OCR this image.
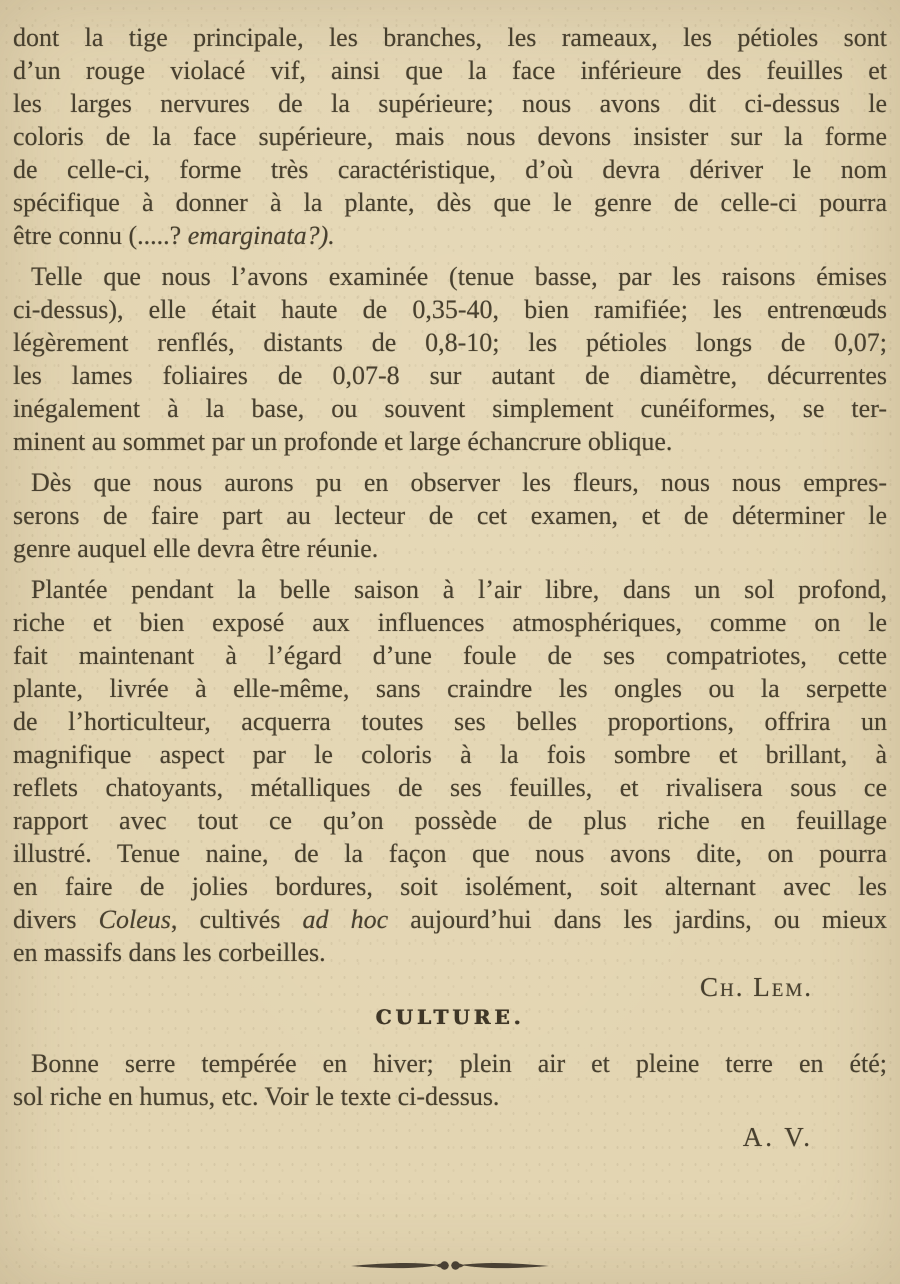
dont la tige principale, les branches, les rameaux, les pétioles sont
d’un rouge violacé vif, ainsi que la face inférieure des feuilles et
les larges nervures de la supérieure; nous avons dit ci-dessus le
coloris de la face supérieure, mais nous devons insister sur la forme
de celle-ci, forme très caractéristique, d’où devra dériver le nom
spécifique à donner à la plante, dès que le genre de celle-ci pourra
être connu (.....? emarginata?).
Telle que nous l’avons examinée (tenue basse, par les raisons émises
ci-dessus), elle était haute de 0,35-40, bien ramifiée; les entrenœuds
légèrement renflés, distants de 0,8-10; les pétioles longs de 0,07;
les lames foliaires de 0,07-8 sur autant de diamètre, décurrentes
inégalement à la base, ou souvent simplement cunéiformes, se ter-
minent au sommet par un profonde et large échancrure oblique.
Dès que nous aurons pu en observer les fleurs, nous nous empres-
serons de faire part au lecteur de cet examen, et de déterminer le
genre auquel elle devra être réunie.
Plantée pendant la belle saison à l’air libre, dans un sol profond,
riche et bien exposé aux influences atmosphériques, comme on le
fait maintenant à l’égard d’une foule de ses compatriotes, cette
plante, livrée à elle-même, sans craindre les ongles ou la serpette
de l’horticulteur, acquerra toutes ses belles proportions, offrira un
magnifique aspect par le coloris à la fois sombre et brillant, à
reflets chatoyants, métalliques de ses feuilles, et rivalisera sous ce
rapport avec tout ce qu’on possède de plus riche en feuillage
illustré. Tenue naine, de la façon que nous avons dite, on pourra
en faire de jolies bordures, soit isolément, soit alternant avec les
divers Coleus, cultivés ad hoc aujourd’hui dans les jardins, ou mieux
en massifs dans les corbeilles.
Ch. Lem.
CULTURE.
Bonne serre tempérée en hiver; plein air et pleine terre en été;
sol riche en humus, etc. Voir le texte ci-dessus.
A. V.
